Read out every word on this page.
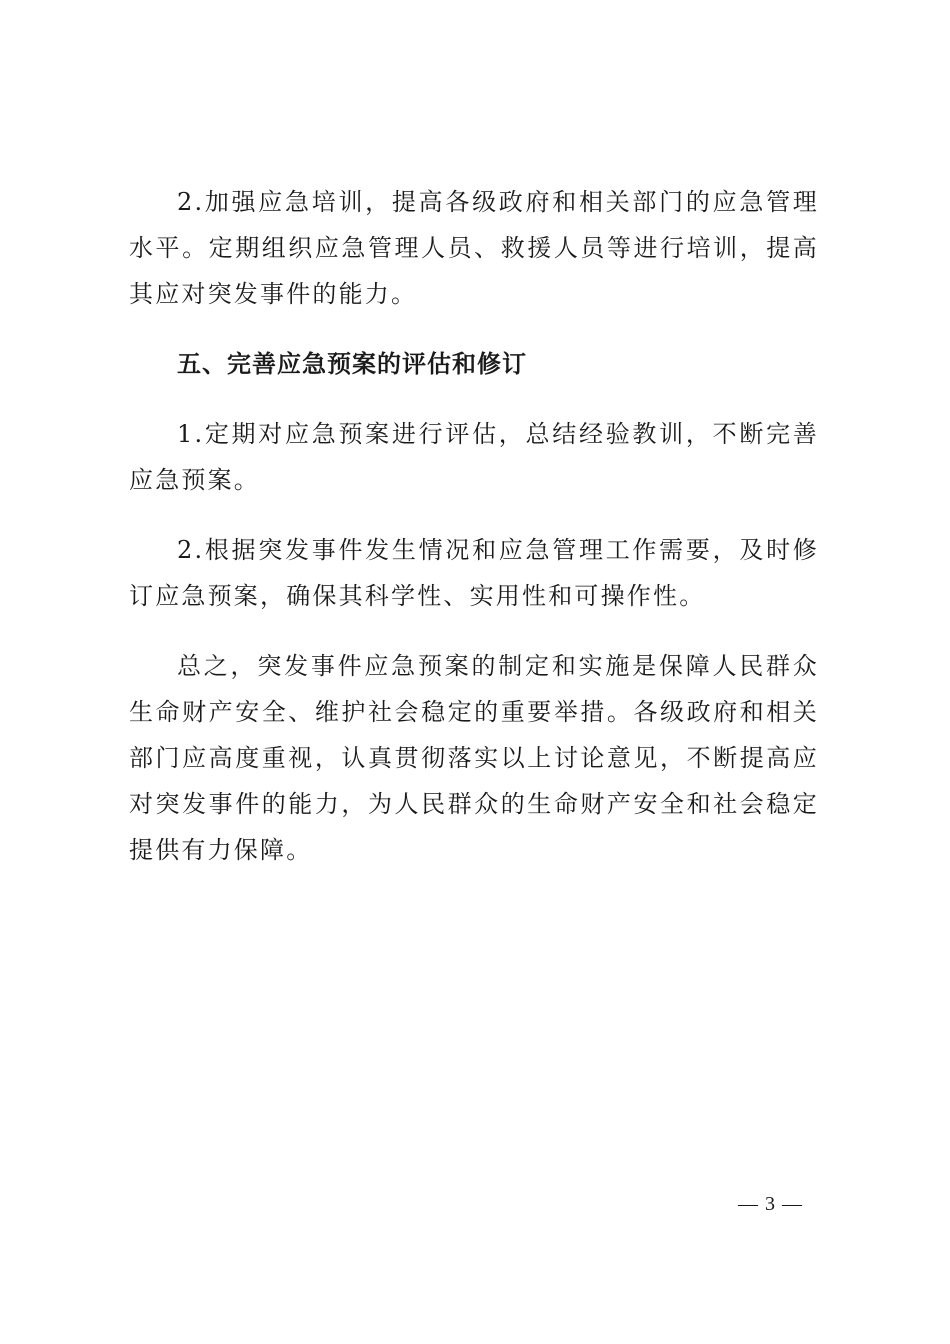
2.加强应急培训，提高各级政府和相关部门的应急管理水平。定期组织应急管理人员、救援人员等进行培训，提高其应对突发事件的能力。

五、完善应急预案的评估和修订

1.定期对应急预案进行评估，总结经验教训，不断完善应急预案。

2.根据突发事件发生情况和应急管理工作需要，及时修订应急预案，确保其科学性、实用性和可操作性。

总之，突发事件应急预案的制定和实施是保障人民群众生命财产安全、维护社会稳定的重要举措。各级政府和相关部门应高度重视，认真贯彻落实以上讨论意见，不断提高应对突发事件的能力，为人民群众的生命财产安全和社会稳定提供有力保障。

— 3 —
